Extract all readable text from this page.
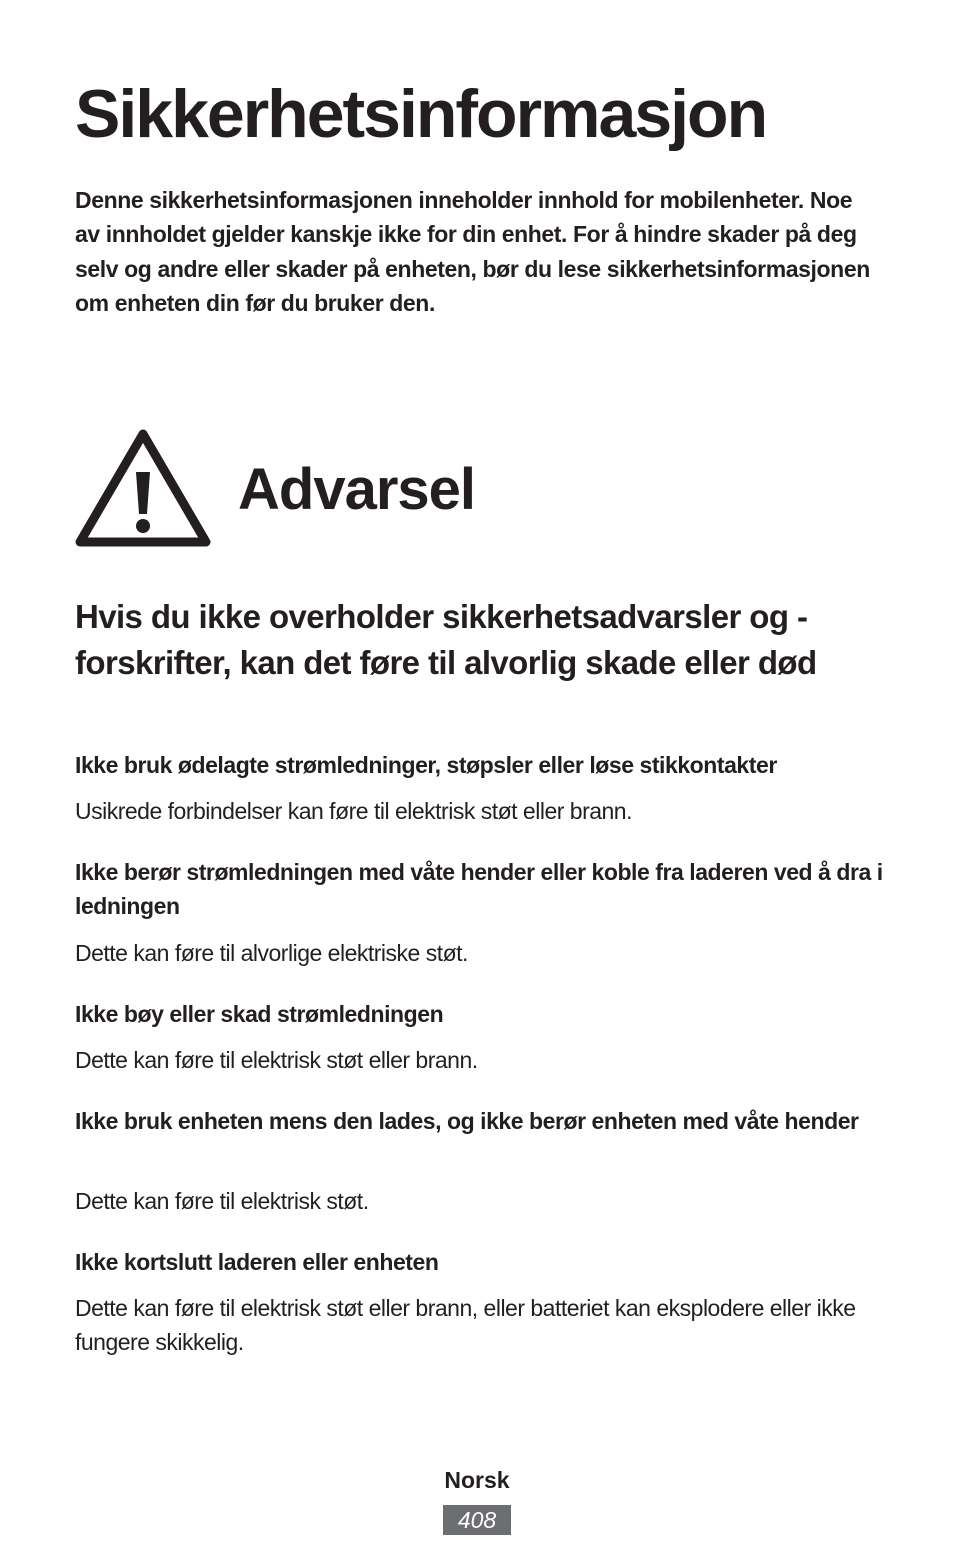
Sikkerhetsinformasjon

Denne sikkerhetsinformasjonen inneholder innhold for mobilenheter. Noe av innholdet gjelder kanskje ikke for din enhet. For å hindre skader på deg selv og andre eller skader på enheten, bør du lese sikkerhetsinformasjonen om enheten din før du bruker den.

Advarsel
Hvis du ikke overholder sikkerhetsadvarsler og -forskrifter, kan det føre til alvorlig skade eller død
Ikke bruk ødelagte strømledninger, støpsler eller løse stikkontakter

Usikrede forbindelser kan føre til elektrisk støt eller brann.

Ikke berør strømledningen med våte hender eller koble fra laderen ved å dra i ledningen

Dette kan føre til alvorlige elektriske støt.

Ikke bøy eller skad strømledningen

Dette kan føre til elektrisk støt eller brann.

Ikke bruk enheten mens den lades, og ikke berør enheten med våte hender

Dette kan føre til elektrisk støt.

Ikke kortslutt laderen eller enheten

Dette kan føre til elektrisk støt eller brann, eller batteriet kan eksplodere eller ikke fungere skikkelig.

Norsk
408
